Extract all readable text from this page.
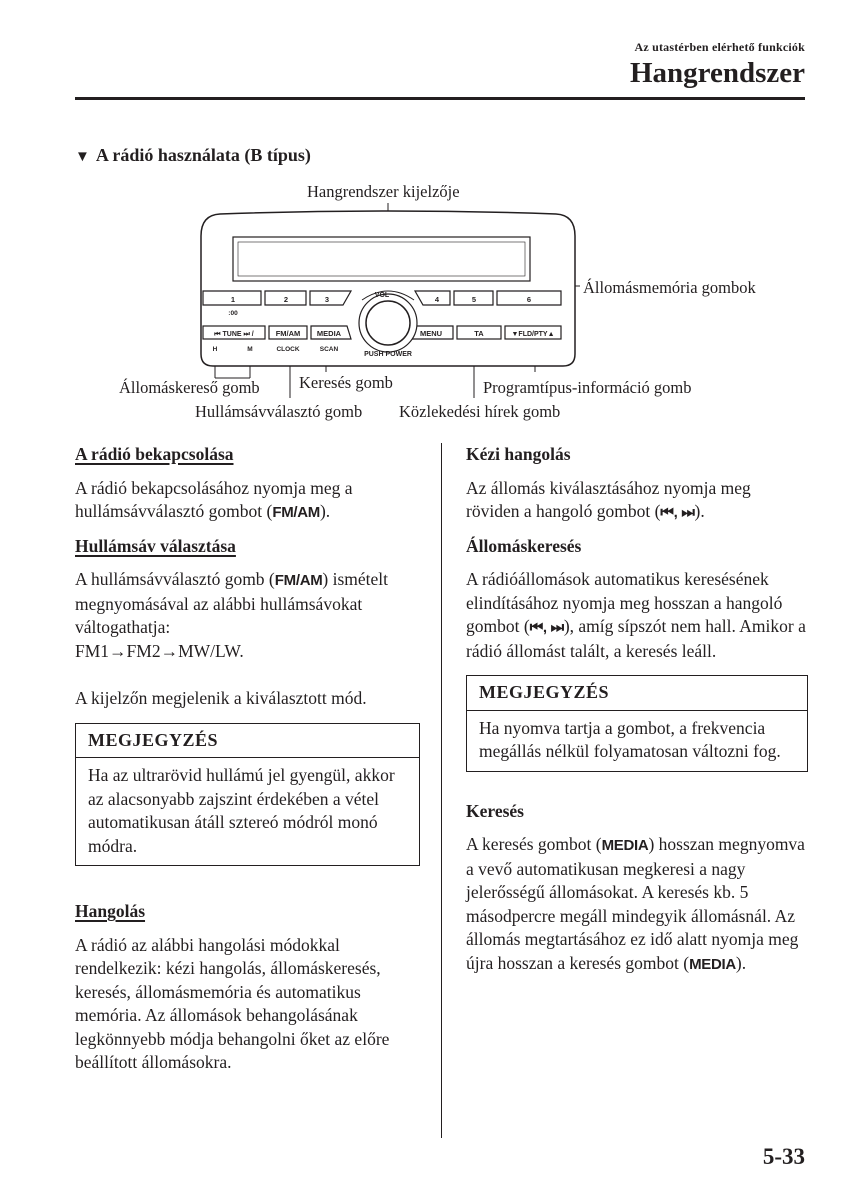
Az utastérben elérhető funkciók
Hangrendszer
▼ A rádió használata (B típus)
1
:00
2	3	4	5	6
VOL
⏮ TUNE ⏭ /
H	M
FM/AM
CLOCK
MEDIA
SCAN
PUSH POWER
MENU	TA	▼FLD/PTY▲
Hangrendszer kijelzője
Állomásmemória gombok
Állomáskereső gomb Keresés gomb	Programtípus-információ gomb
Hullámsávválasztó gomb Közlekedési hírek gomb
A rádió bekapcsolása

A rádió bekapcsolásához nyomja meg a hullámsávválasztó gombot (FM/AM).

Hullámsáv választása

A hullámsávválasztó gomb (FM/AM) ismételt megnyomásával az alábbi hullámsávokat váltogathatja:
FM1→FM2→MW/LW.

A kijelzőn megjelenik a kiválasztott mód.

MEGJEGYZÉS
Ha az ultrarövid hullámú jel gyengül, akkor az alacsonyabb zajszint érdekében a vétel automatikusan átáll sztereó módról monó módra.
Hangolás

A rádió az alábbi hangolási módokkal rendelkezik: kézi hangolás, állomáskeresés, keresés, állomásmemória és automatikus memória. Az állomások behangolásának legkönnyebb módja behangolni őket az előre beállított állomásokra.

Kézi hangolás

Az állomás kiválasztásához nyomja meg röviden a hangoló gombot (⏮, ⏭).

Állomáskeresés

A rádióállomások automatikus keresésének elindításához nyomja meg hosszan a hangoló gombot (⏮, ⏭), amíg sípszót nem hall. Amikor a rádió állomást talált, a keresés leáll.

MEGJEGYZÉS
Ha nyomva tartja a gombot, a frekvencia megállás nélkül folyamatosan változni fog.
Keresés

A keresés gombot (MEDIA) hosszan megnyomva a vevő automatikusan megkeresi a nagy jelerősségű állomásokat. A keresés kb. 5 másodpercre megáll mindegyik állomásnál. Az állomás megtartásához ez idő alatt nyomja meg újra hosszan a keresés gombot (MEDIA).

5-33
